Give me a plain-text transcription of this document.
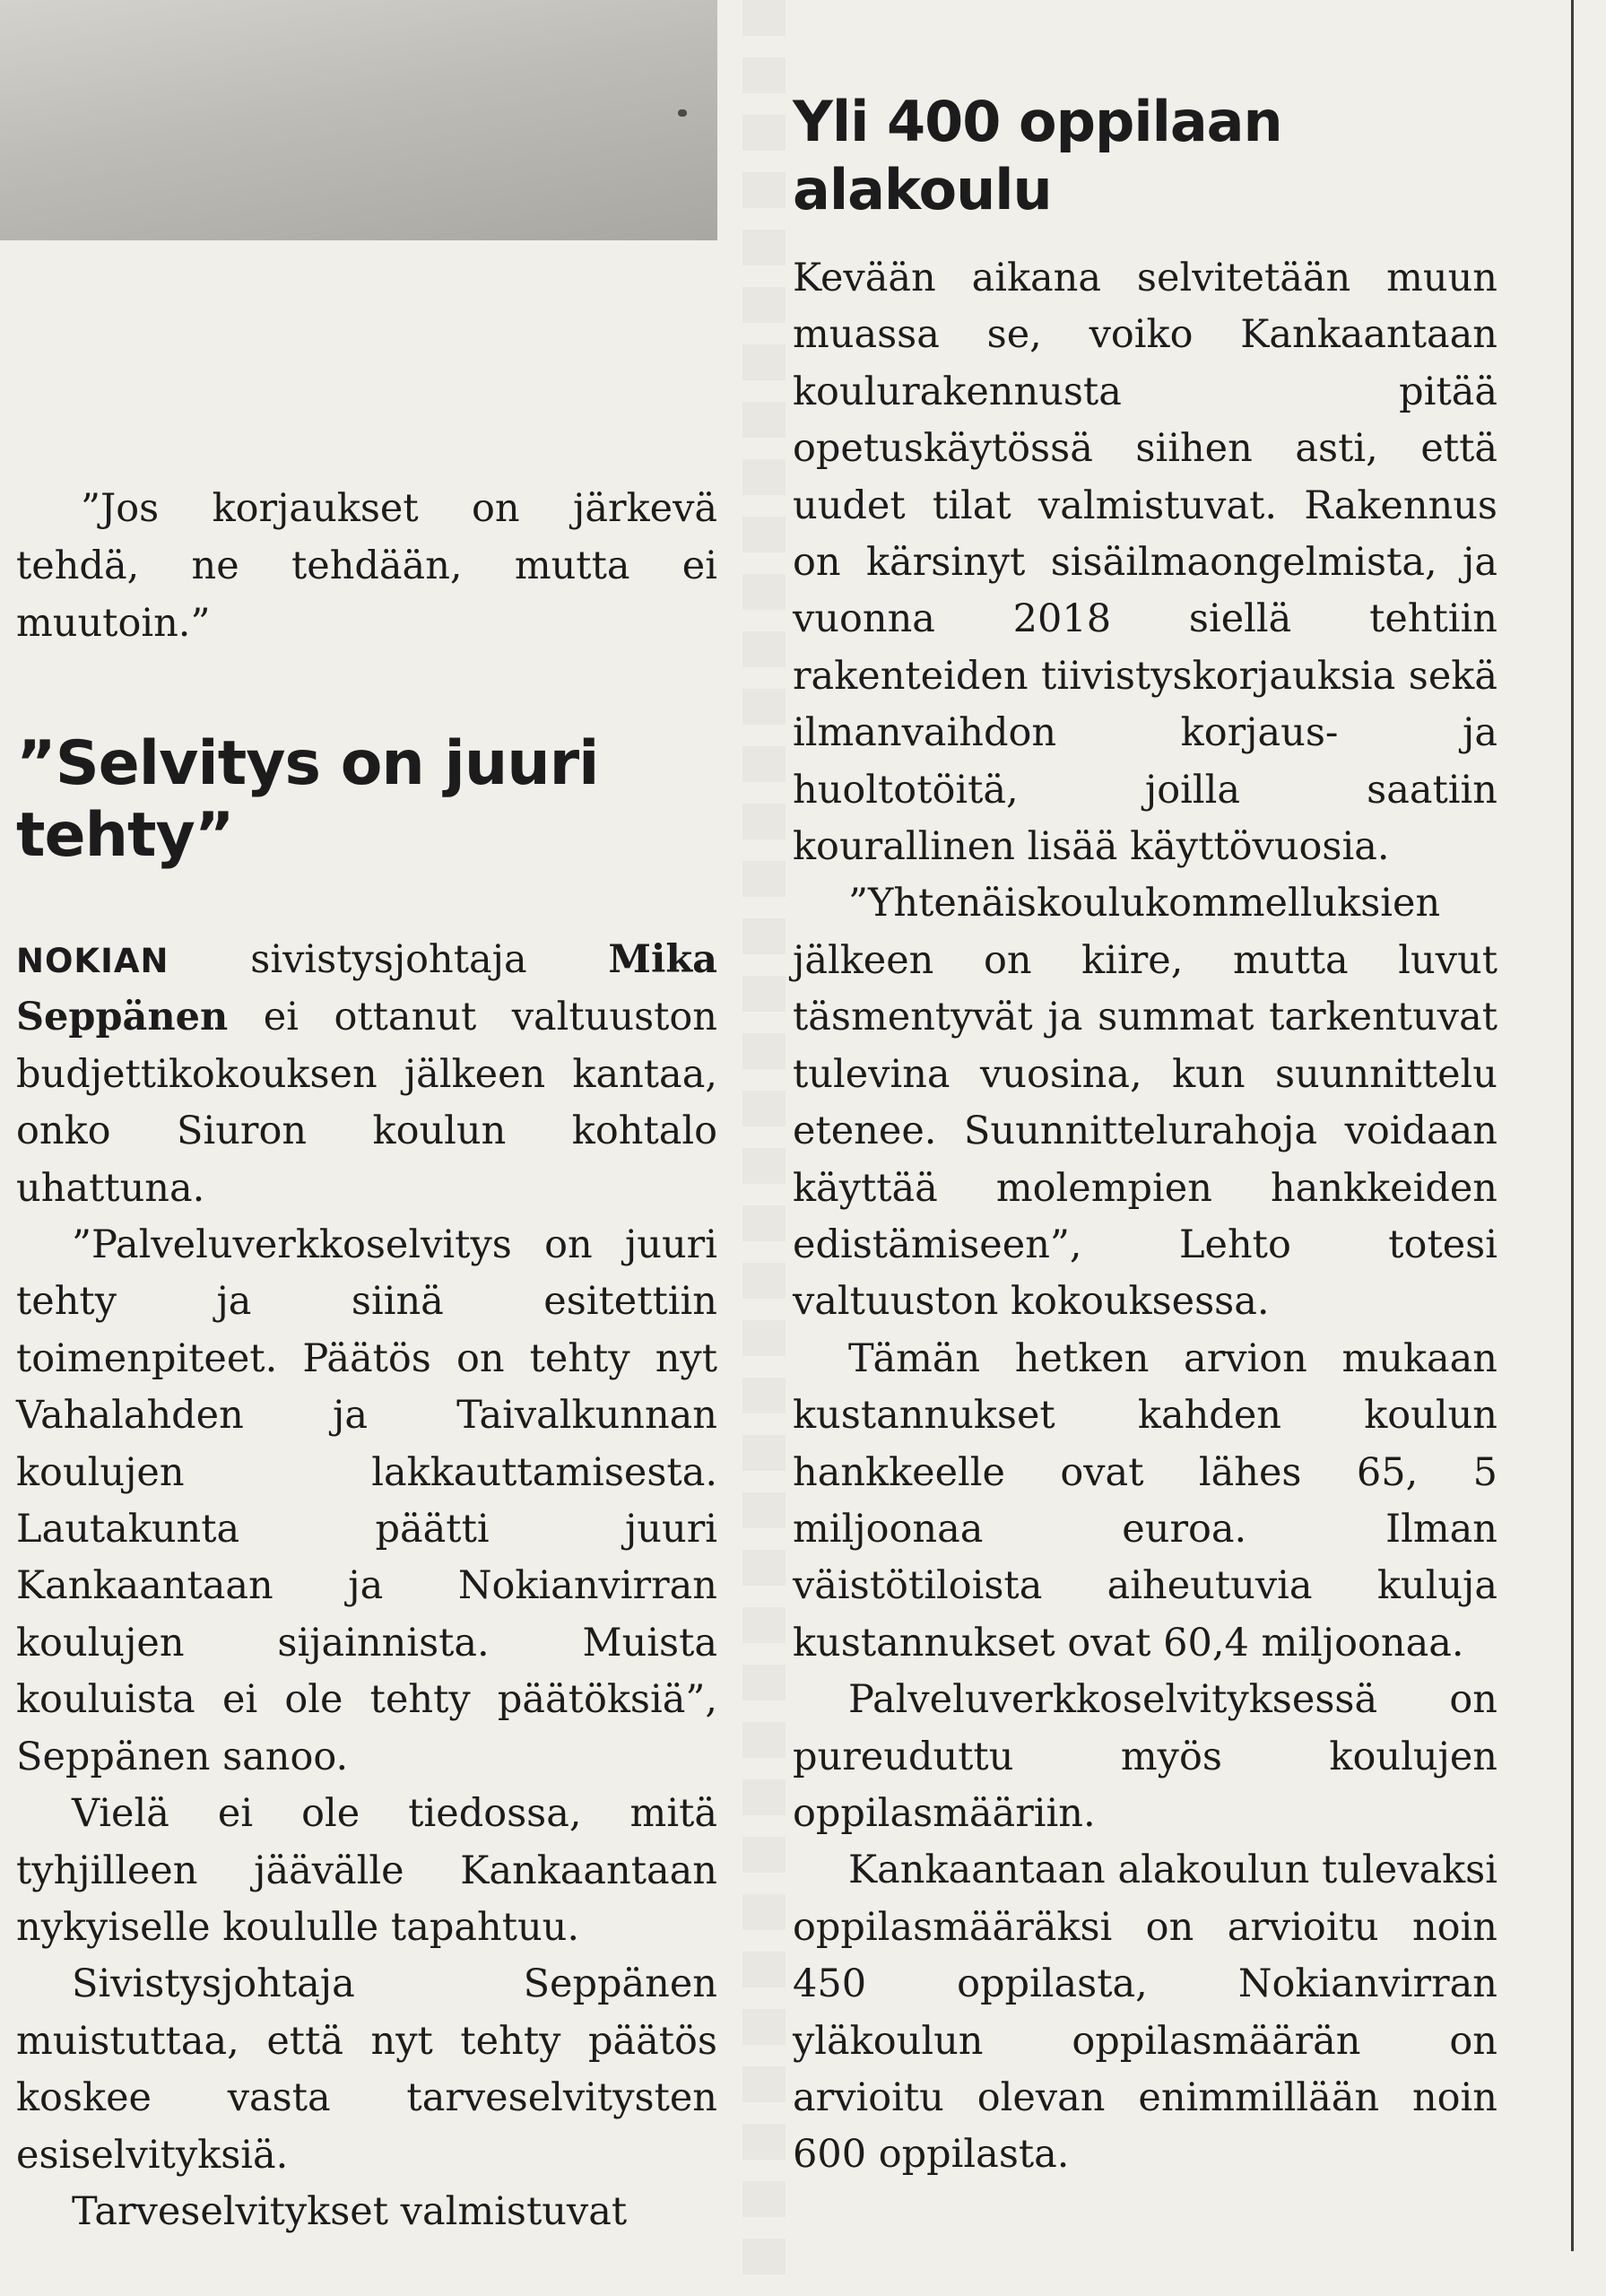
”Jos korjaukset on järkevä tehdä, ne tehdään, mutta ei muutoin.”

”Selvitys on juuri tehty”

NOKIAN sivistysjohtaja Mika Seppänen ei ottanut valtuuston budjettikokouksen jälkeen kantaa, onko Siuron koulun kohtalo uhattuna.

”Palveluverkkoselvitys on juuri tehty ja siinä esitettiin toimenpiteet. Päätös on tehty nyt Vahalahden ja Taivalkunnan koulujen lakkauttamisesta. Lautakunta päätti juuri Kankaantaan ja Nokianvirran koulujen sijainnista. Muista kouluista ei ole tehty päätöksiä”, Seppänen sanoo.

Vielä ei ole tiedossa, mitä tyhjilleen jäävälle Kankaantaan nykyiselle koululle tapahtuu.

Sivistysjohtaja Seppänen muistuttaa, että nyt tehty päätös koskee vasta tarveselvitysten esiselvityksiä.

Tarveselvitykset valmistuvat

Yli 400 oppilaan alakoulu

Kevään aikana selvitetään muun muassa se, voiko Kankaantaan koulurakennusta pitää opetuskäytössä siihen asti, että uudet tilat valmistuvat. Rakennus on kärsinyt sisäilmaongelmista, ja vuonna 2018 siellä tehtiin rakenteiden tiivistyskorjauksia sekä ilmanvaihdon korjaus- ja huoltotöitä, joilla saatiin kourallinen lisää käyttövuosia.

”Yhtenäiskoulukommelluksien jälkeen on kiire, mutta luvut täsmentyvät ja summat tarkentuvat tulevina vuosina, kun suunnittelu etenee. Suunnittelurahoja voidaan käyttää molempien hankkeiden edistämiseen”, Lehto totesi valtuuston kokouksessa.

Tämän hetken arvion mukaan kustannukset kahden koulun hankkeelle ovat lähes 65, 5 miljoonaa euroa. Ilman väistötiloista aiheutuvia kuluja kustannukset ovat 60,4 miljoonaa.

Palveluverkkoselvityksessä on pureuduttu myös koulujen oppilasmääriin.

Kankaantaan alakoulun tulevaksi oppilasmääräksi on arvioitu noin 450 oppilasta, Nokianvirran yläkoulun oppilasmäärän on arvioitu olevan enimmillään noin 600 oppilasta.
